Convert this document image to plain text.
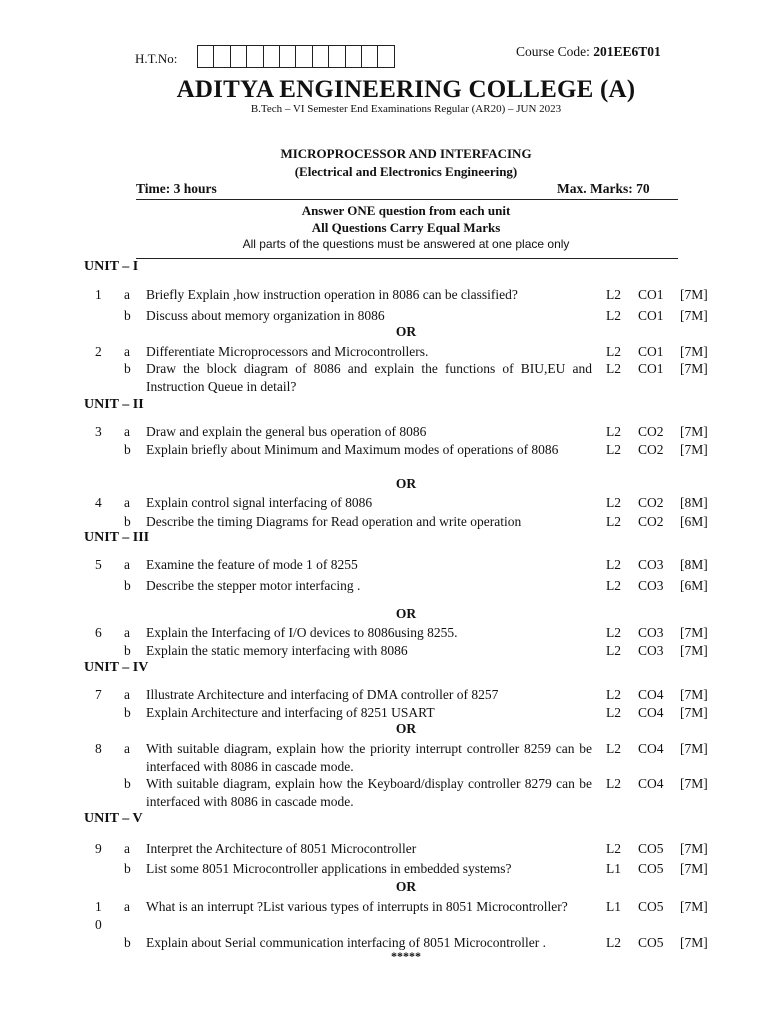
H.T.No:	Course Code: 201EE6T01
ADITYA ENGINEERING COLLEGE (A)
B.Tech – VI Semester End Examinations Regular (AR20) – JUN 2023
MICROPROCESSOR AND INTERFACING
(Electrical and Electronics Engineering)
Time: 3 hours	Max. Marks: 70
Answer ONE question from each unit
All Questions Carry Equal Marks
All parts of the questions must be answered at one place only
UNIT – I
OR
1 a Briefly Explain ,how instruction operation in 8086 can be classified?	L2 CO1 [7M]
b Discuss about memory organization in 8086	L2 CO1 [7M]
2 a Differentiate Microprocessors and Microcontrollers.	L2 CO1 [7M]
b Draw the block diagram of 8086 and explain the functions of BIU,EU and Instruction Queue in detail?
L2 CO1 [7M]
UNIT – II
OR
3 a Draw and explain the general bus operation of 8086	L2 CO2 [7M]
b Explain briefly about Minimum and Maximum modes of operations of 8086	L2 CO2 [7M]
4 a Explain control signal interfacing of 8086	L2 CO2 [8M]
b Describe the timing Diagrams for Read operation and write operation	L2 CO2 [6M]
UNIT – III
OR
5 a Examine the feature of mode 1 of 8255	L2 CO3 [8M]
b Describe the stepper motor interfacing .	L2 CO3 [6M]
6 a Explain the Interfacing of I/O devices to 8086using 8255.	L2 CO3 [7M]
b Explain the static memory interfacing with 8086	L2 CO3 [7M]
UNIT – IV
OR
7 a Illustrate Architecture and interfacing of DMA controller of 8257	L2 CO4 [7M]
b Explain Architecture and interfacing of 8251 USART	L2 CO4 [7M]
8 a With suitable diagram, explain how the priority interrupt controller 8259 can be interfaced with 8086 in cascade mode.
L2 CO4 [7M]
b With suitable diagram, explain how the Keyboard/display controller 8279 can be interfaced with 8086 in cascade mode.
L2 CO4 [7M]
UNIT – V
OR
9 a Interpret the Architecture of 8051 Microcontroller	L2 CO5 [7M]
b List some 8051 Microcontroller applications in embedded systems?	L1 CO5 [7M]
1
0
a What is an interrupt ?List various types of interrupts in 8051 Microcontroller?	L1 CO5 [7M]
b Explain about Serial communication interfacing of 8051 Microcontroller .	L2 CO5 [7M]
*****
